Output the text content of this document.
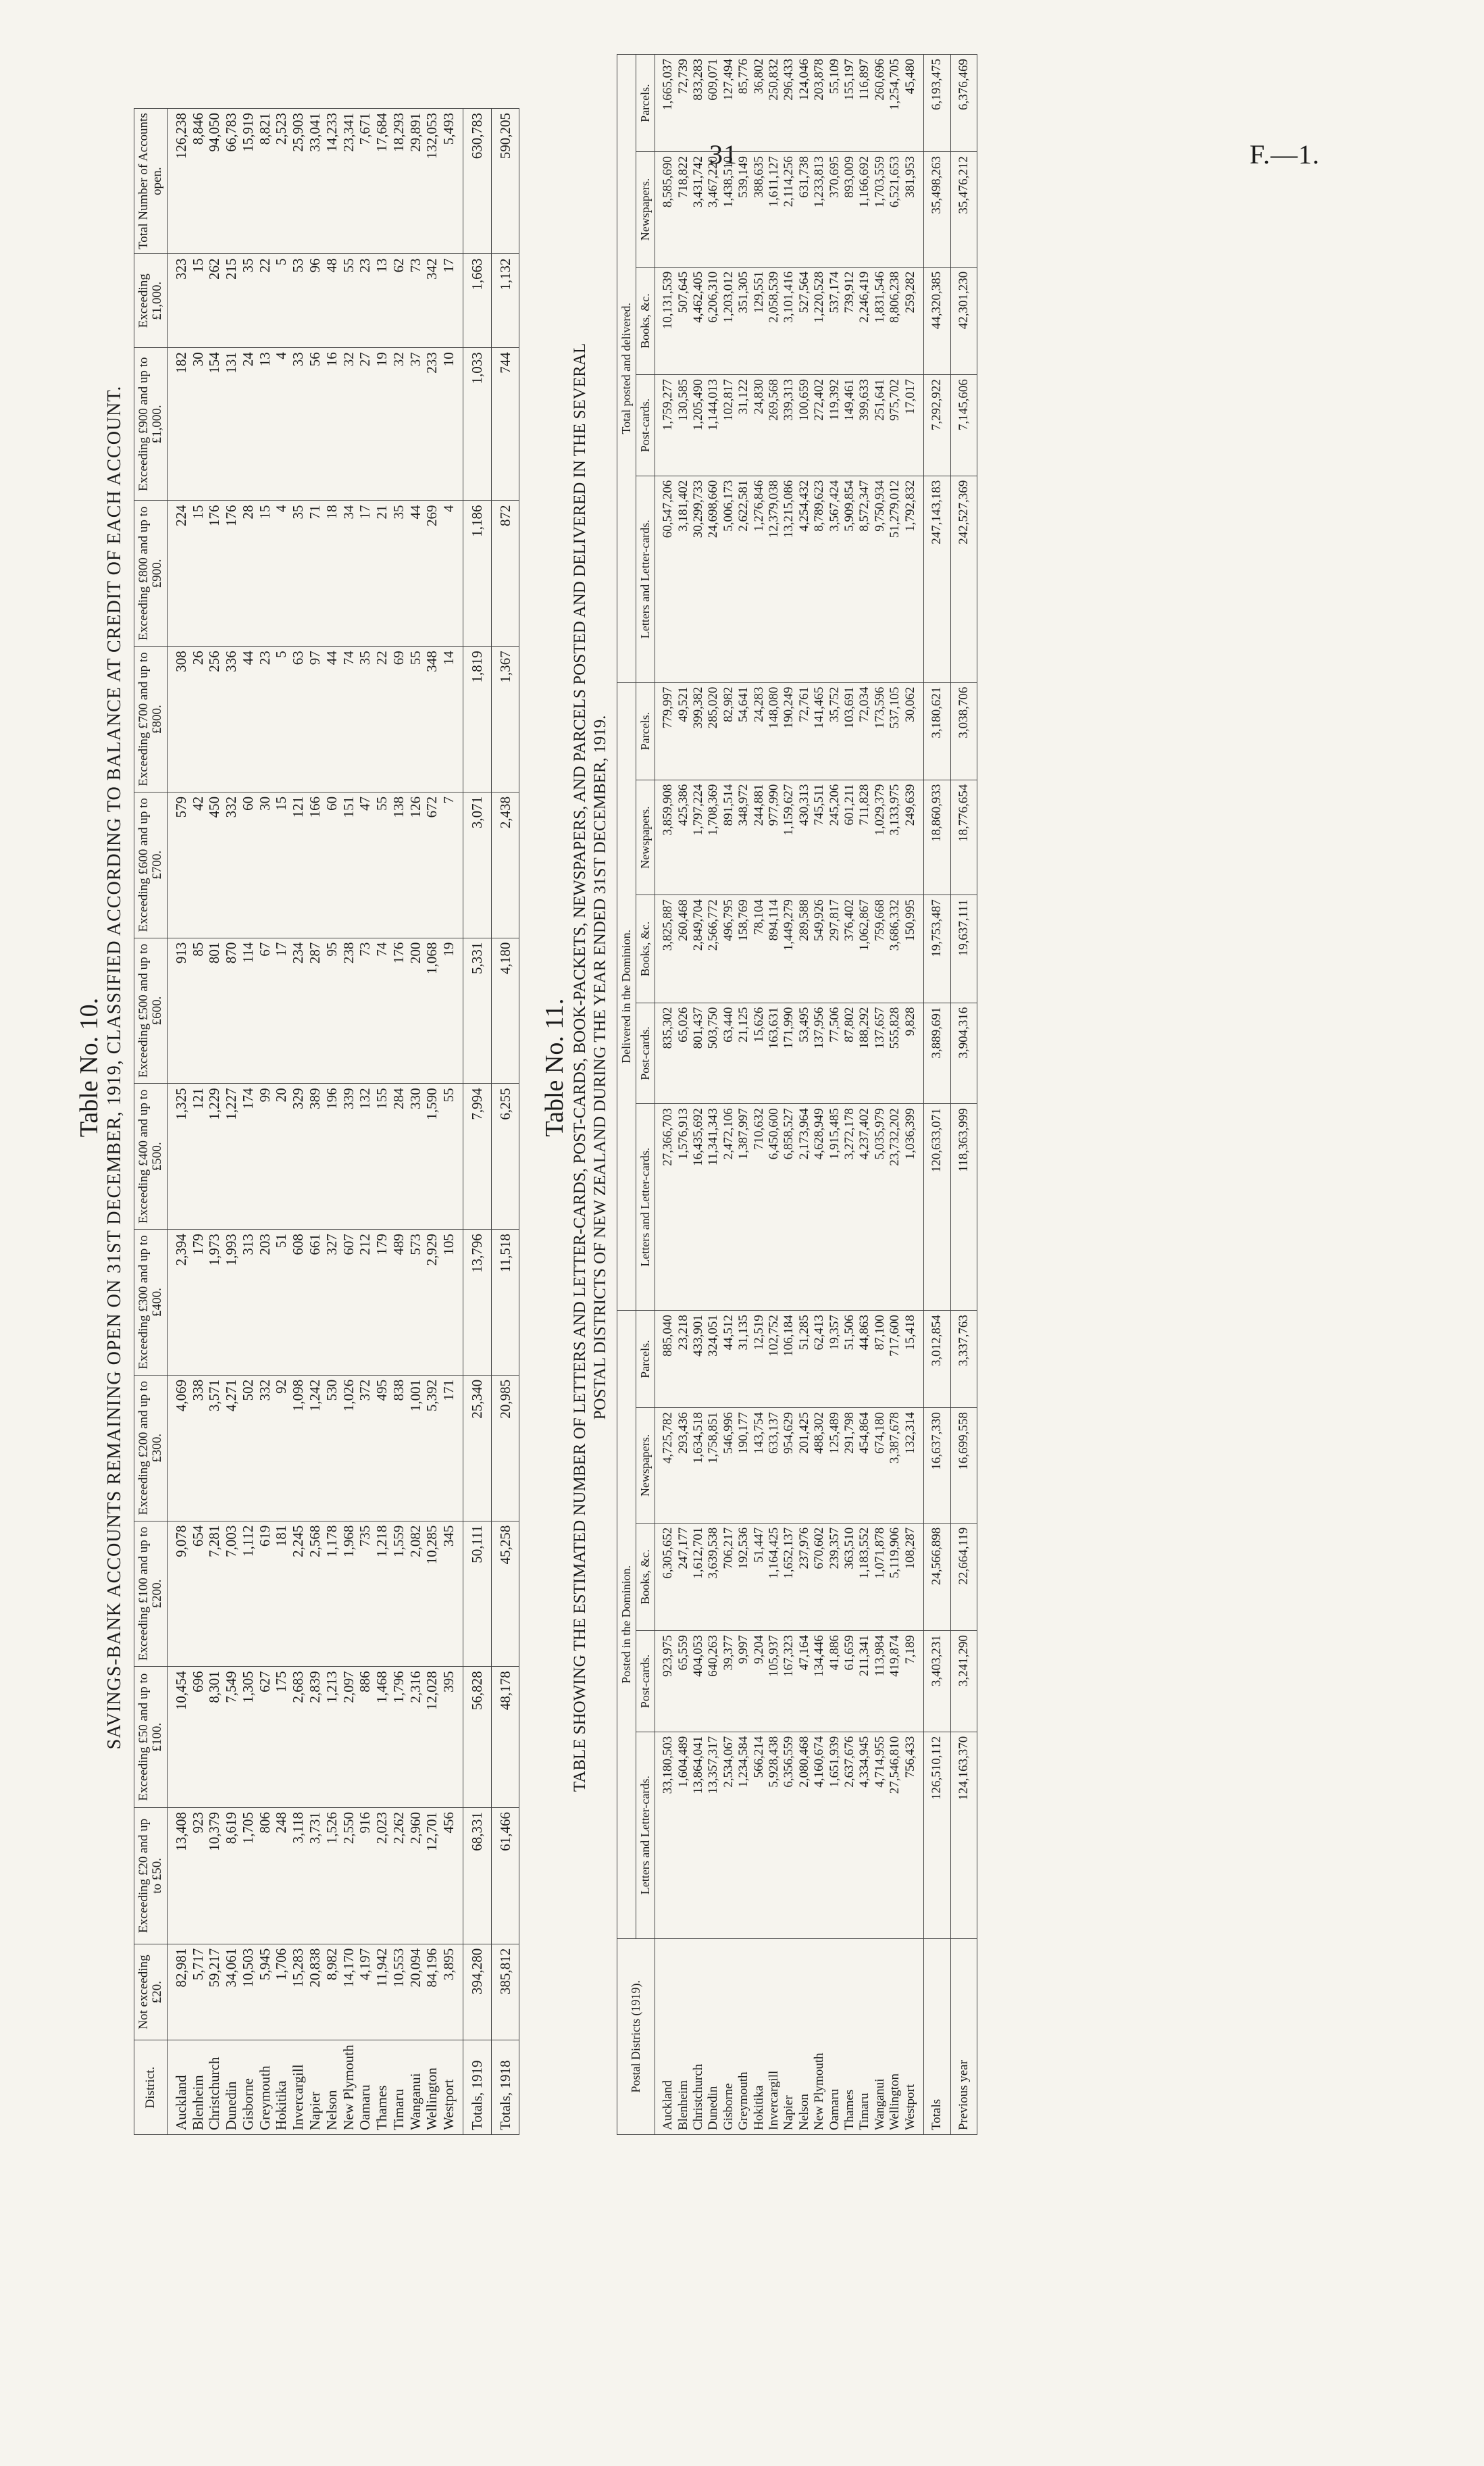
31	F.—1.
Table No. 10. SAVINGS-BANK ACCOUNTS REMAINING OPEN ON 31ST DECEMBER, 1919, CLASSIFIED ACCORDING TO BALANCE AT CREDIT OF EACH ACCOUNT.
District.	Not exceeding £20.	Exceeding £20 and up to £50.	Exceeding £50 and up to £100.	Exceeding £100 and up to £200.	Exceeding £200 and up to £300.	Exceeding £300 and up to £400.	Exceeding £400 and up to £500.	Exceeding £500 and up to £600.	Exceeding £600 and up to £700.	Exceeding £700 and up to £800.	Exceeding £800 and up to £900.	Exceeding £900 and up to £1,000.	Exceeding £1,000.	Total Number of Accounts open.
Auckland	82,981	13,408	10,454	9,078	4,069	2,394	1,325	913	579	308	224	182	323	126,238
Blenheim	5,717	923	696	654	338	179	121	85	42	26	15	30	15	8,846
Christchurch	59,217	10,379	8,301	7,281	3,571	1,973	1,229	801	450	256	176	154	262	94,050
Dunedin	34,061	8,619	7,549	7,003	4,271	1,993	1,227	870	332	336	176	131	215	66,783
Gisborne	10,503	1,705	1,305	1,112	502	313	174	114	60	44	28	24	35	15,919
Greymouth	5,945	806	627	619	332	203	99	67	30	23	15	13	22	8,821
Hokitika	1,706	248	175	181	92	51	20	17	15	5	4	4	5	2,523
Invercargill	15,283	3,118	2,683	2,245	1,098	608	329	234	121	63	35	33	53	25,903
Napier	20,838	3,731	2,839	2,568	1,242	661	389	287	166	97	71	56	96	33,041
Nelson	8,982	1,526	1,213	1,178	530	327	196	95	60	44	18	16	48	14,233
New Plymouth	14,170	2,550	2,097	1,968	1,026	607	339	238	151	74	34	32	55	23,341
Oamaru	4,197	916	886	735	372	212	132	73	47	35	17	27	23	7,671
Thames	11,942	2,023	1,468	1,218	495	179	155	74	55	22	21	19	13	17,684
Timaru	10,553	2,262	1,796	1,559	838	489	284	176	138	69	35	32	62	18,293
Wanganui	20,094	2,960	2,316	2,082	1,001	573	330	200	126	55	44	37	73	29,891
Wellington	84,196	12,701	12,028	10,285	5,392	2,929	1,590	1,068	672	348	269	233	342	132,053
Westport	3,895	456	395	345	171	105	55	19	7	14	4	10	17	5,493
Totals, 1919	394,280	68,331	56,828	50,111	25,340	13,796	7,994	5,331	3,071	1,819	1,186	1,033	1,663	630,783
Totals, 1918	385,812	61,466	48,178	45,258	20,985	11,518	6,255	4,180	2,438	1,367	872	744	1,132	590,205
Table No. 11. TABLE SHOWING THE ESTIMATED NUMBER OF LETTERS AND LETTER-CARDS, POST-CARDS, BOOK-PACKETS, NEWSPAPERS, AND PARCELS POSTED AND DELIVERED IN THE SEVERAL POSTAL DISTRICTS OF NEW ZEALAND DURING THE YEAR ENDED 31ST DECEMBER, 1919.
Postal Districts (1919).	Posted in the Dominion.					Delivered in the Dominion.					Total posted and delivered.				
	Letters and Letter-cards.	Post-cards.	Books, &c.	Newspapers.	Parcels.	Letters and Letter-cards.	Post-cards.	Books, &c.	Newspapers.	Parcels.	Letters and Letter-cards.	Post-cards.	Books, &c.	Newspapers.	Parcels.
Auckland	33,180,503	923,975	6,305,652	4,725,782	885,040	27,366,703	835,302	3,825,887	3,859,908	779,997	60,547,206	1,759,277	10,131,539	8,585,690	1,665,037
Blenheim	1,604,489	65,559	247,177	293,436	23,218	1,576,913	65,026	260,468	425,386	49,521	3,181,402	130,585	507,645	718,822	72,739
Christchurch	13,864,041	404,053	1,612,701	1,634,518	433,901	16,435,692	801,437	2,849,704	1,797,224	399,382	30,299,733	1,205,490	4,462,405	3,431,742	833,283
Dunedin	13,357,317	640,263	3,639,538	1,758,851	324,051	11,341,343	503,750	2,566,772	1,708,369	285,020	24,698,660	1,144,013	6,206,310	3,467,220	609,071
Gisborne	2,534,067	39,377	706,217	546,996	44,512	2,472,106	63,440	496,795	891,514	82,982	5,006,173	102,817	1,203,012	1,438,510	127,494
Greymouth	1,234,584	9,997	192,536	190,177	31,135	1,387,997	21,125	158,769	348,972	54,641	2,622,581	31,122	351,305	539,149	85,776
Hokitika	566,214	9,204	51,447	143,754	12,519	710,632	15,626	78,104	244,881	24,283	1,276,846	24,830	129,551	388,635	36,802
Invercargill	5,928,438	105,937	1,164,425	633,137	102,752	6,450,600	163,631	894,114	977,990	148,080	12,379,038	269,568	2,058,539	1,611,127	250,832
Napier	6,356,559	167,323	1,652,137	954,629	106,184	6,858,527	171,990	1,449,279	1,159,627	190,249	13,215,086	339,313	3,101,416	2,114,256	296,433
Nelson	2,080,468	47,164	237,976	201,425	51,285	2,173,964	53,495	289,588	430,313	72,761	4,254,432	100,659	527,564	631,738	124,046
New Plymouth	4,160,674	134,446	670,602	488,302	62,413	4,628,949	137,956	549,926	745,511	141,465	8,789,623	272,402	1,220,528	1,233,813	203,878
Oamaru	1,651,939	41,886	239,357	125,489	19,357	1,915,485	77,506	297,817	245,206	35,752	3,567,424	119,392	537,174	370,695	55,109
Thames	2,637,676	61,659	363,510	291,798	51,506	3,272,178	87,802	376,402	601,211	103,691	5,909,854	149,461	739,912	893,009	155,197
Timaru	4,334,945	211,341	1,183,552	454,864	44,863	4,237,402	188,292	1,062,867	711,828	72,034	8,572,347	399,633	2,246,419	1,166,692	116,897
Wanganui	4,714,955	113,984	1,071,878	674,180	87,100	5,035,979	137,657	759,668	1,029,379	173,596	9,750,934	251,641	1,831,546	1,703,559	260,696
Wellington	27,546,810	419,874	5,119,906	3,387,678	717,600	23,732,202	555,828	3,686,332	3,133,975	537,105	51,279,012	975,702	8,806,238	6,521,653	1,254,705
Westport	756,433	7,189	108,287	132,314	15,418	1,036,399	9,828	150,995	249,639	30,062	1,792,832	17,017	259,282	381,953	45,480
Totals	126,510,112	3,403,231	24,566,898	16,637,330	3,012,854	120,633,071	3,889,691	19,753,487	18,860,933	3,180,621	247,143,183	7,292,922	44,320,385	35,498,263	6,193,475
Previous year	124,163,370	3,241,290	22,664,119	16,699,558	3,337,763	118,363,999	3,904,316	19,637,111	18,776,654	3,038,706	242,527,369	7,145,606	42,301,230	35,476,212	6,376,469
